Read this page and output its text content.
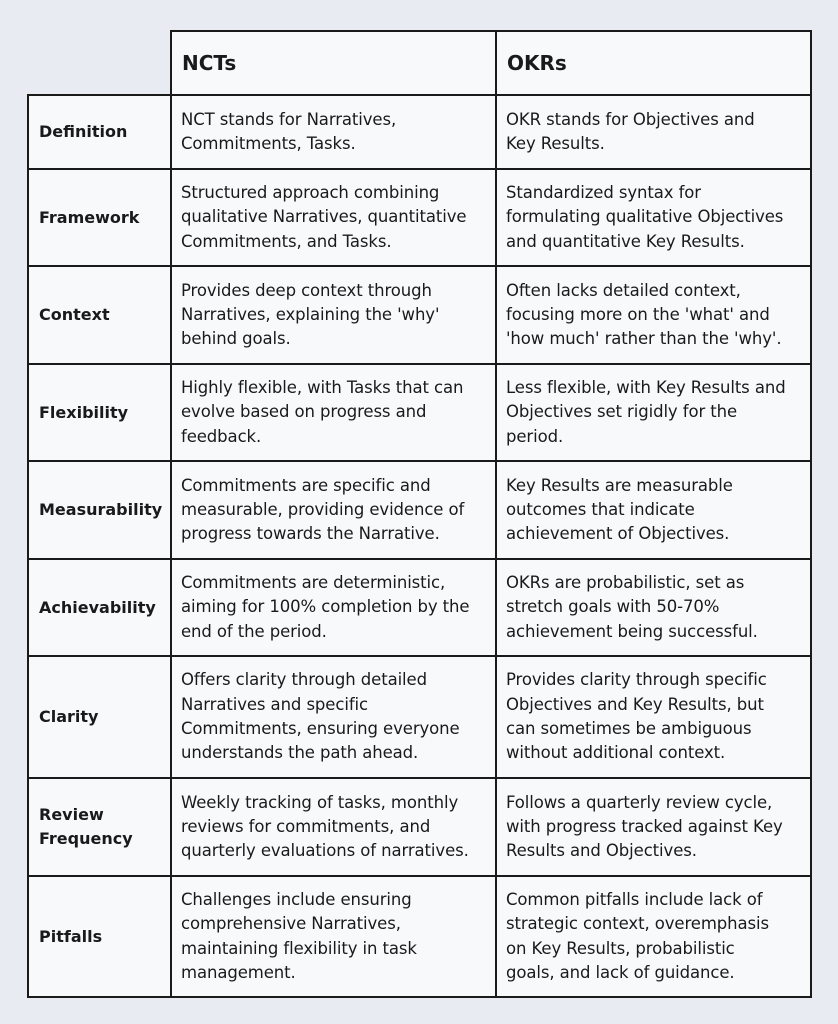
	NCTs	OKRs

Definition	NCT stands for Narratives,
Commitments, Tasks.	OKR stands for Objectives and
Key Results.

Framework	Structured approach combining
qualitative Narratives, quantitative
Commitments, and Tasks.	Standardized syntax for
formulating qualitative Objectives
and quantitative Key Results.

Context	Provides deep context through
Narratives, explaining the 'why'
behind goals.	Often lacks detailed context,
focusing more on the 'what' and
'how much' rather than the 'why'.

Flexibility	Highly flexible, with Tasks that can
evolve based on progress and
feedback.	Less flexible, with Key Results and
Objectives set rigidly for the
period.

Measurability	Commitments are specific and
measurable, providing evidence of
progress towards the Narrative.	Key Results are measurable
outcomes that indicate
achievement of Objectives.

Achievability	Commitments are deterministic,
aiming for 100% completion by the
end of the period.	OKRs are probabilistic, set as
stretch goals with 50-70%
achievement being successful.

Clarity	Offers clarity through detailed
Narratives and specific
Commitments, ensuring everyone
understands the path ahead.	Provides clarity through specific
Objectives and Key Results, but
can sometimes be ambiguous
without additional context.

Review
Frequency	Weekly tracking of tasks, monthly
reviews for commitments, and
quarterly evaluations of narratives.	Follows a quarterly review cycle,
with progress tracked against Key
Results and Objectives.

Pitfalls	Challenges include ensuring
comprehensive Narratives,
maintaining flexibility in task
management.	Common pitfalls include lack of
strategic context, overemphasis
on Key Results, probabilistic
goals, and lack of guidance.
